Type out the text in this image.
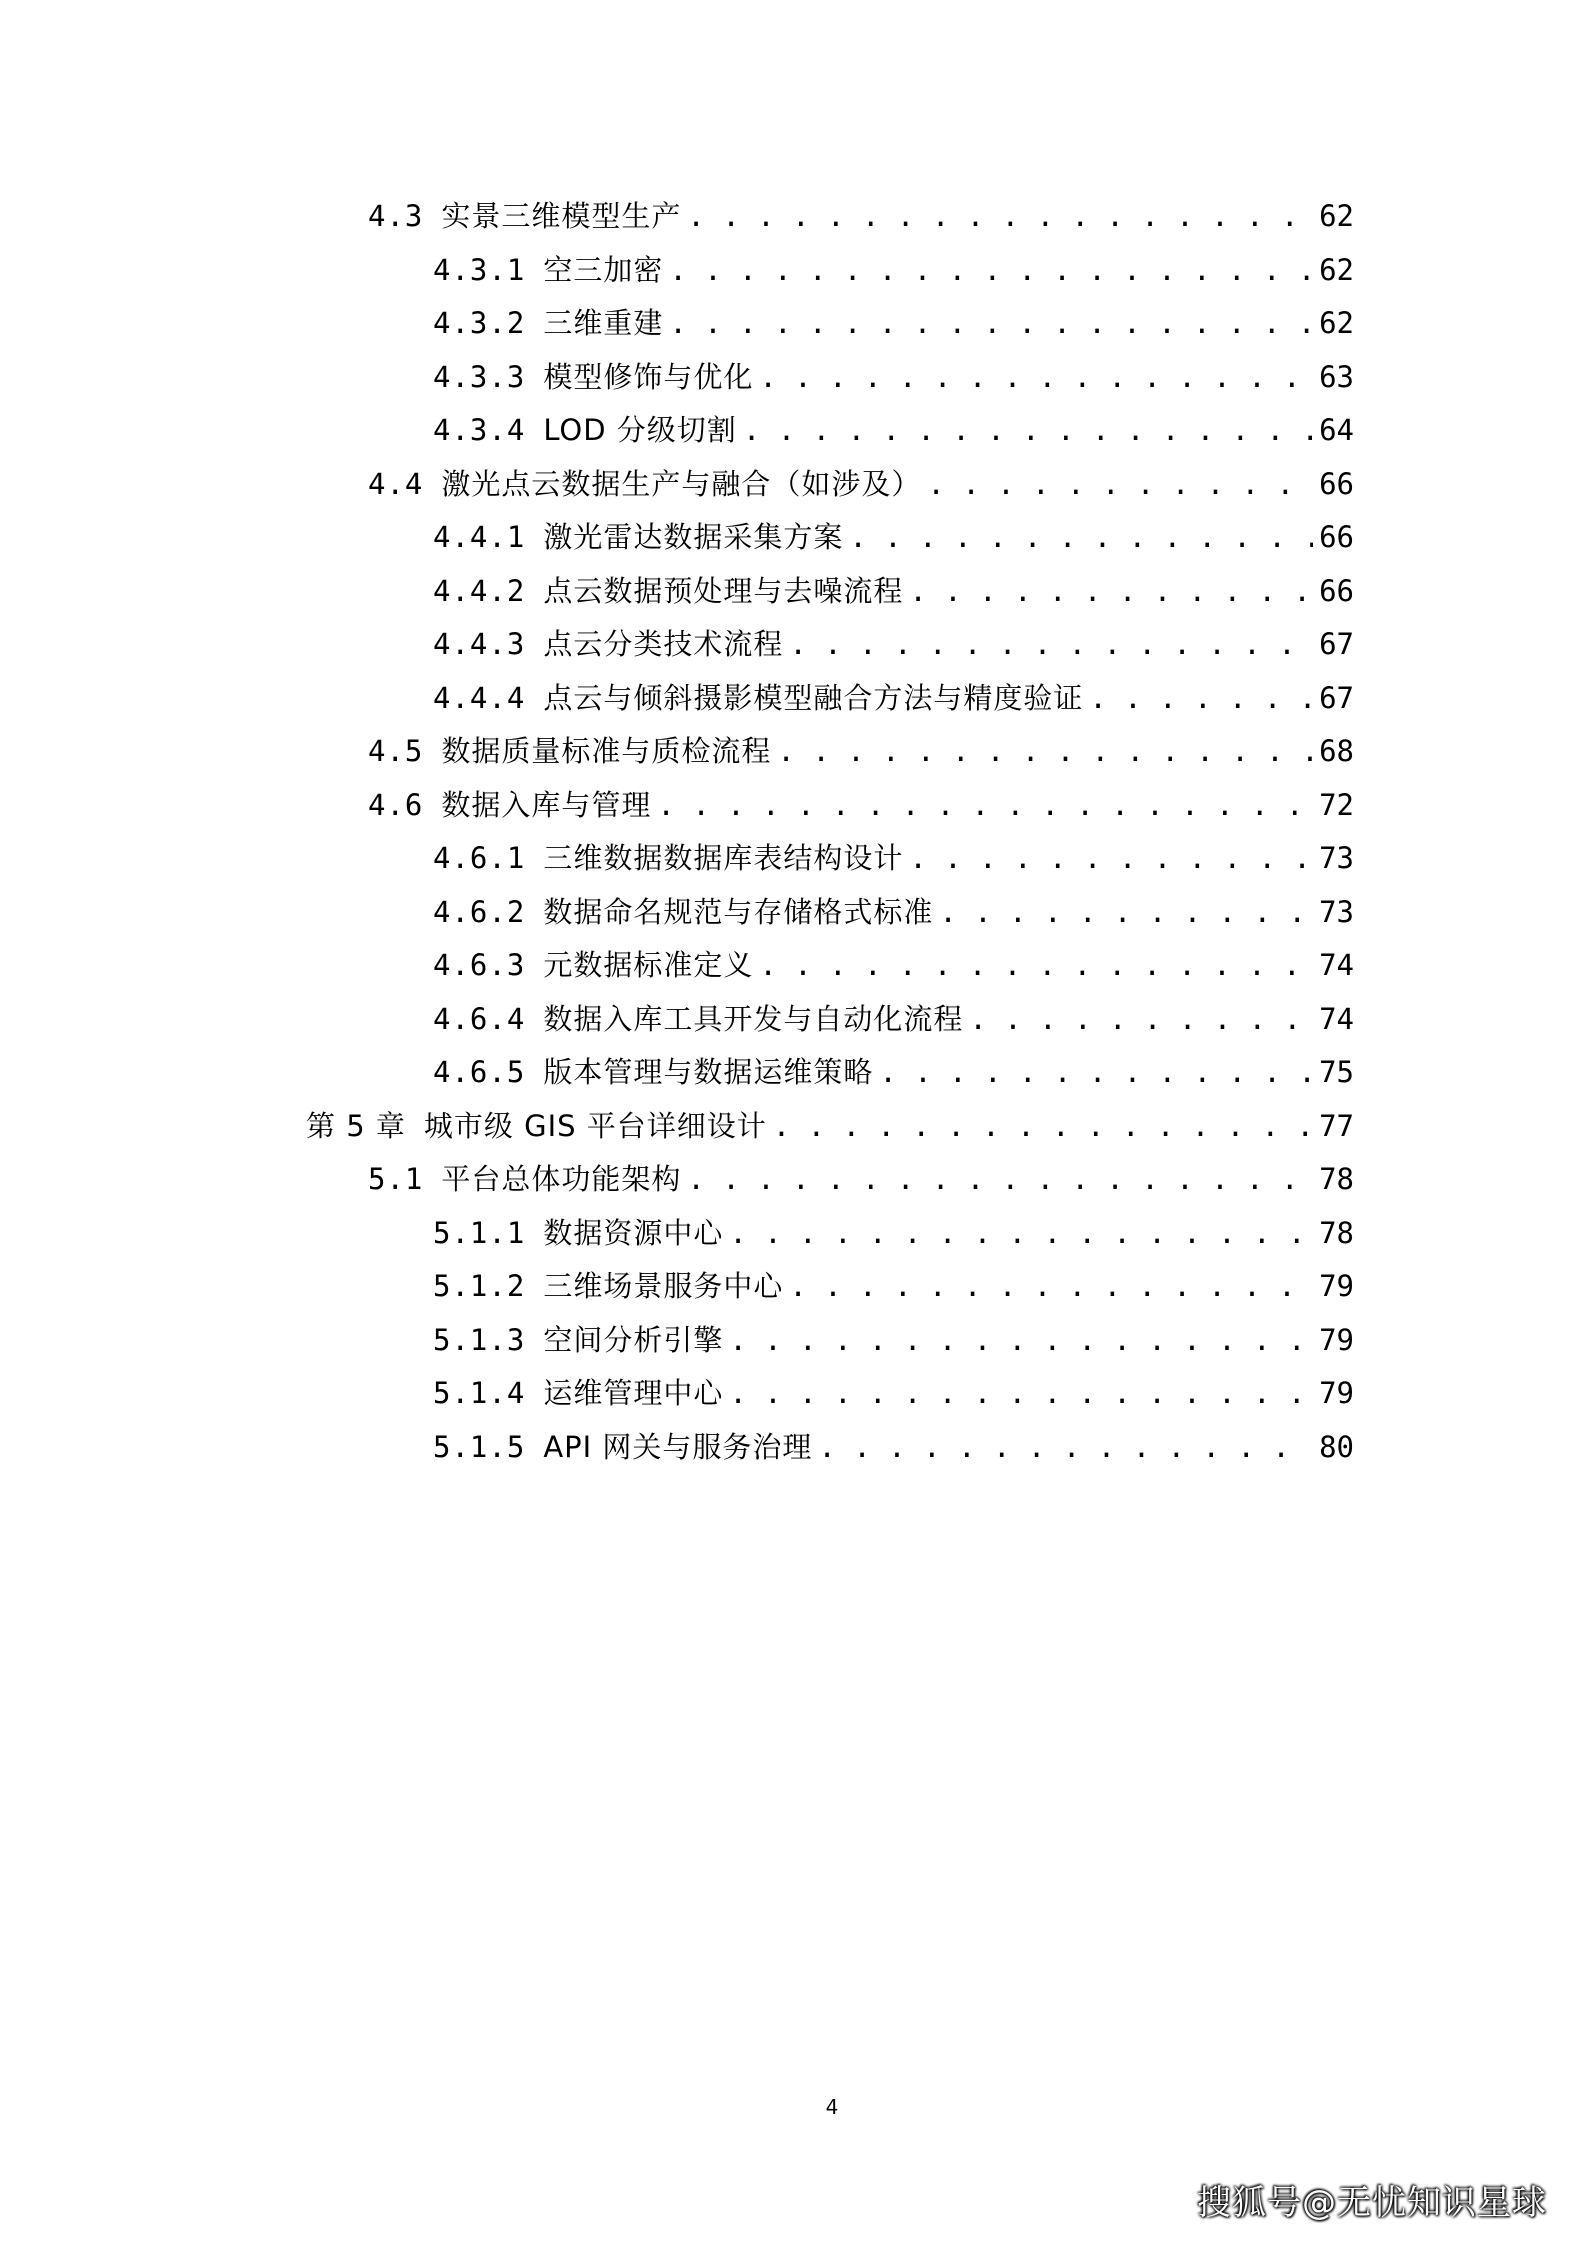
4.3 实景三维模型生产 . . .	62
4.3.1 空三加密 . . .	62
4.3.2 三维重建 . . .	62
4.3.3 模型修饰与优化 . . .	63
4.3.4 LOD 分级切割 . . .	64
4.4 激光点云数据生产与融合（如涉及） . . .	66
4.4.1 激光雷达数据采集方案 . . .	66
4.4.2 点云数据预处理与去噪流程 . . .	66
4.4.3 点云分类技术流程 . . .	67
4.4.4 点云与倾斜摄影模型融合方法与精度验证 . . .	67
4.5 数据质量标准与质检流程 . . .	68
4.6 数据入库与管理 . . .	72
4.6.1 三维数据数据库表结构设计 . . .	73
4.6.2 数据命名规范与存储格式标准 . . .	73
4.6.3 元数据标准定义 . . .	74
4.6.4 数据入库工具开发与自动化流程 . . .	74
4.6.5 版本管理与数据运维策略 . . .	75
第 5 章 城市级 GIS 平台详细设计 . . .	77
5.1 平台总体功能架构 . . .	78
5.1.1 数据资源中心 . . .	78
5.1.2 三维场景服务中心 . . .	79
5.1.3 空间分析引擎 . . .	79
5.1.4 运维管理中心 . . .	79
5.1.5 API 网关与服务治理 . . .	80
4
搜狐号@无忧知识星球
